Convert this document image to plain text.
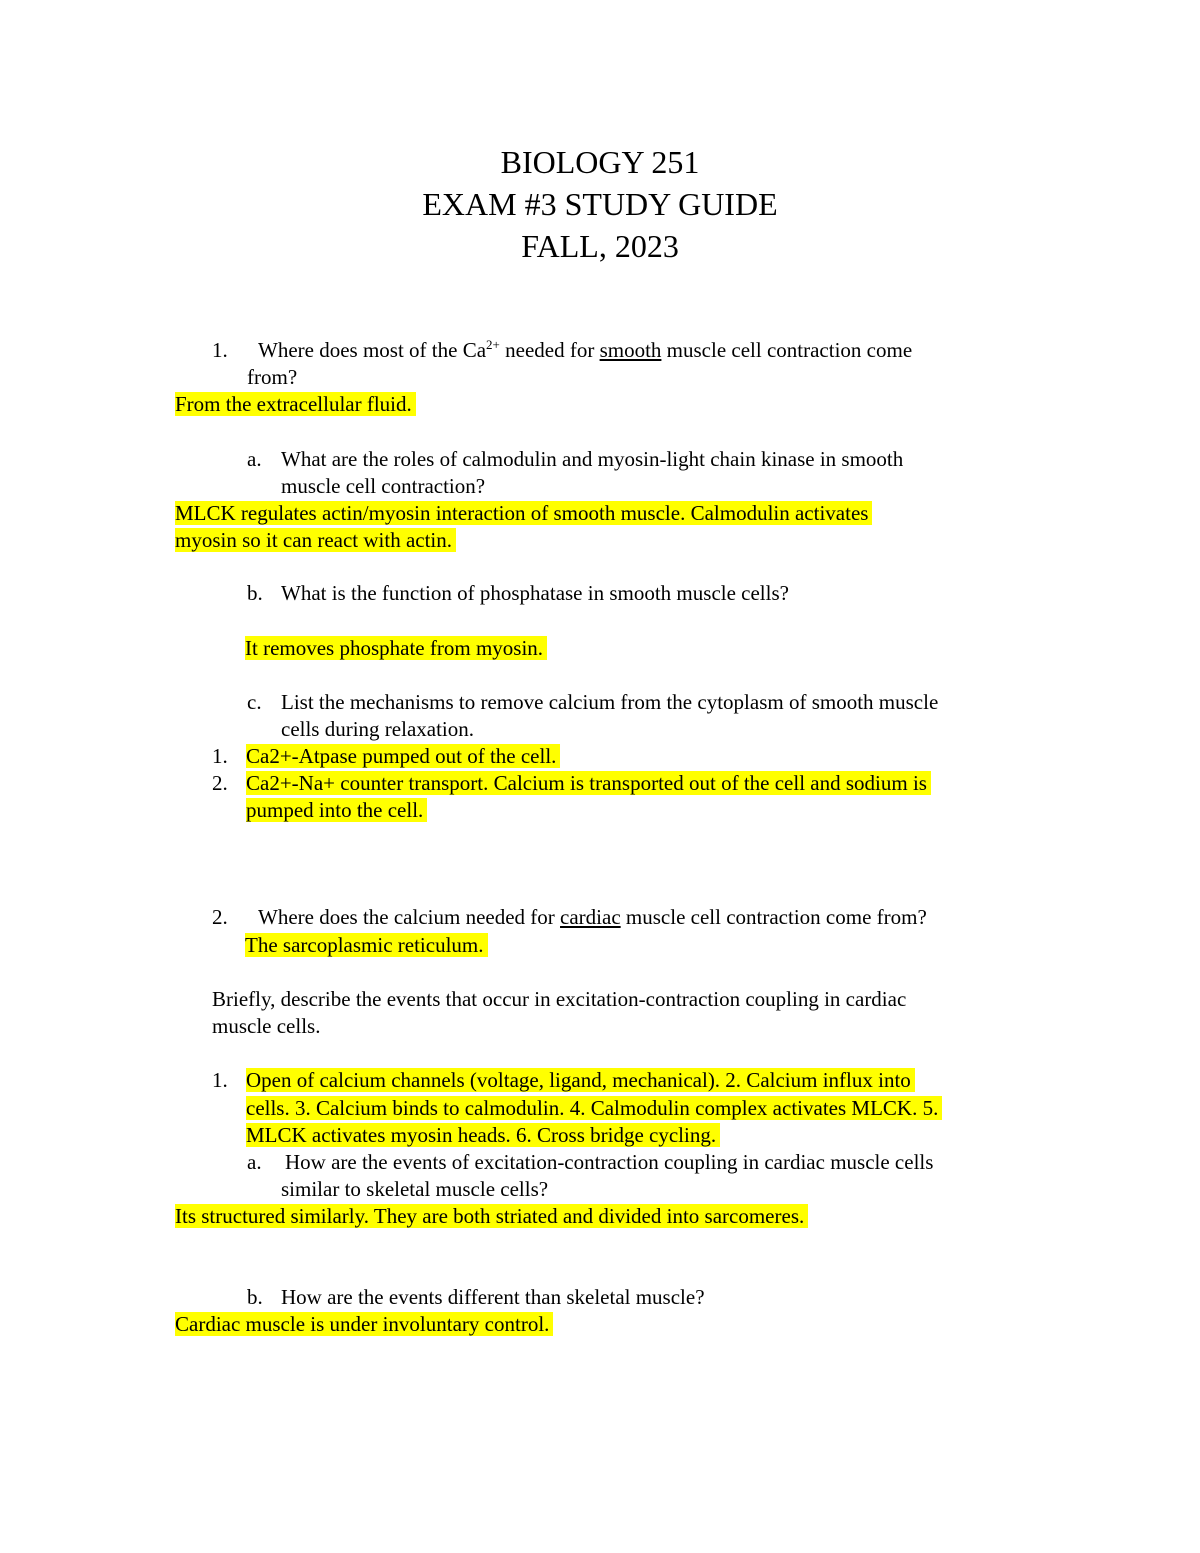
BIOLOGY 251
EXAM #3 STUDY GUIDE
FALL, 2023
1. Where does most of the $Ca^{2+}$ needed for smooth muscle cell contraction come
from?
From the extracellular fluid.
a. What are the roles of calmodulin and myosin-light chain kinase in smooth
muscle cell contraction?
MLCK regulates actin/myosin interaction of smooth muscle. Calmodulin activates
myosin so it can react with actin.
b. What is the function of phosphatase in smooth muscle cells?
It removes phosphate from myosin.
c. List the mechanisms to remove calcium from the cytoplasm of smooth muscle
cells during relaxation.
1. Ca2+-Atpase pumped out of the cell.
2. Ca2+-Na+ counter transport. Calcium is transported out of the cell and sodium is
pumped into the cell.
2. Where does the calcium needed for cardiac muscle cell contraction come from?
The sarcoplasmic reticulum.
Briefly, describe the events that occur in excitation-contraction coupling in cardiac
muscle cells.
1. Open of calcium channels (voltage, ligand, mechanical). 2. Calcium influx into
cells. 3. Calcium binds to calmodulin. 4. Calmodulin complex activates MLCK. 5.
MLCK activates myosin heads. 6. Cross bridge cycling.
a. How are the events of excitation-contraction coupling in cardiac muscle cells
similar to skeletal muscle cells?
Its structured similarly. They are both striated and divided into sarcomeres.
b. How are the events different than skeletal muscle?
Cardiac muscle is under involuntary control.
